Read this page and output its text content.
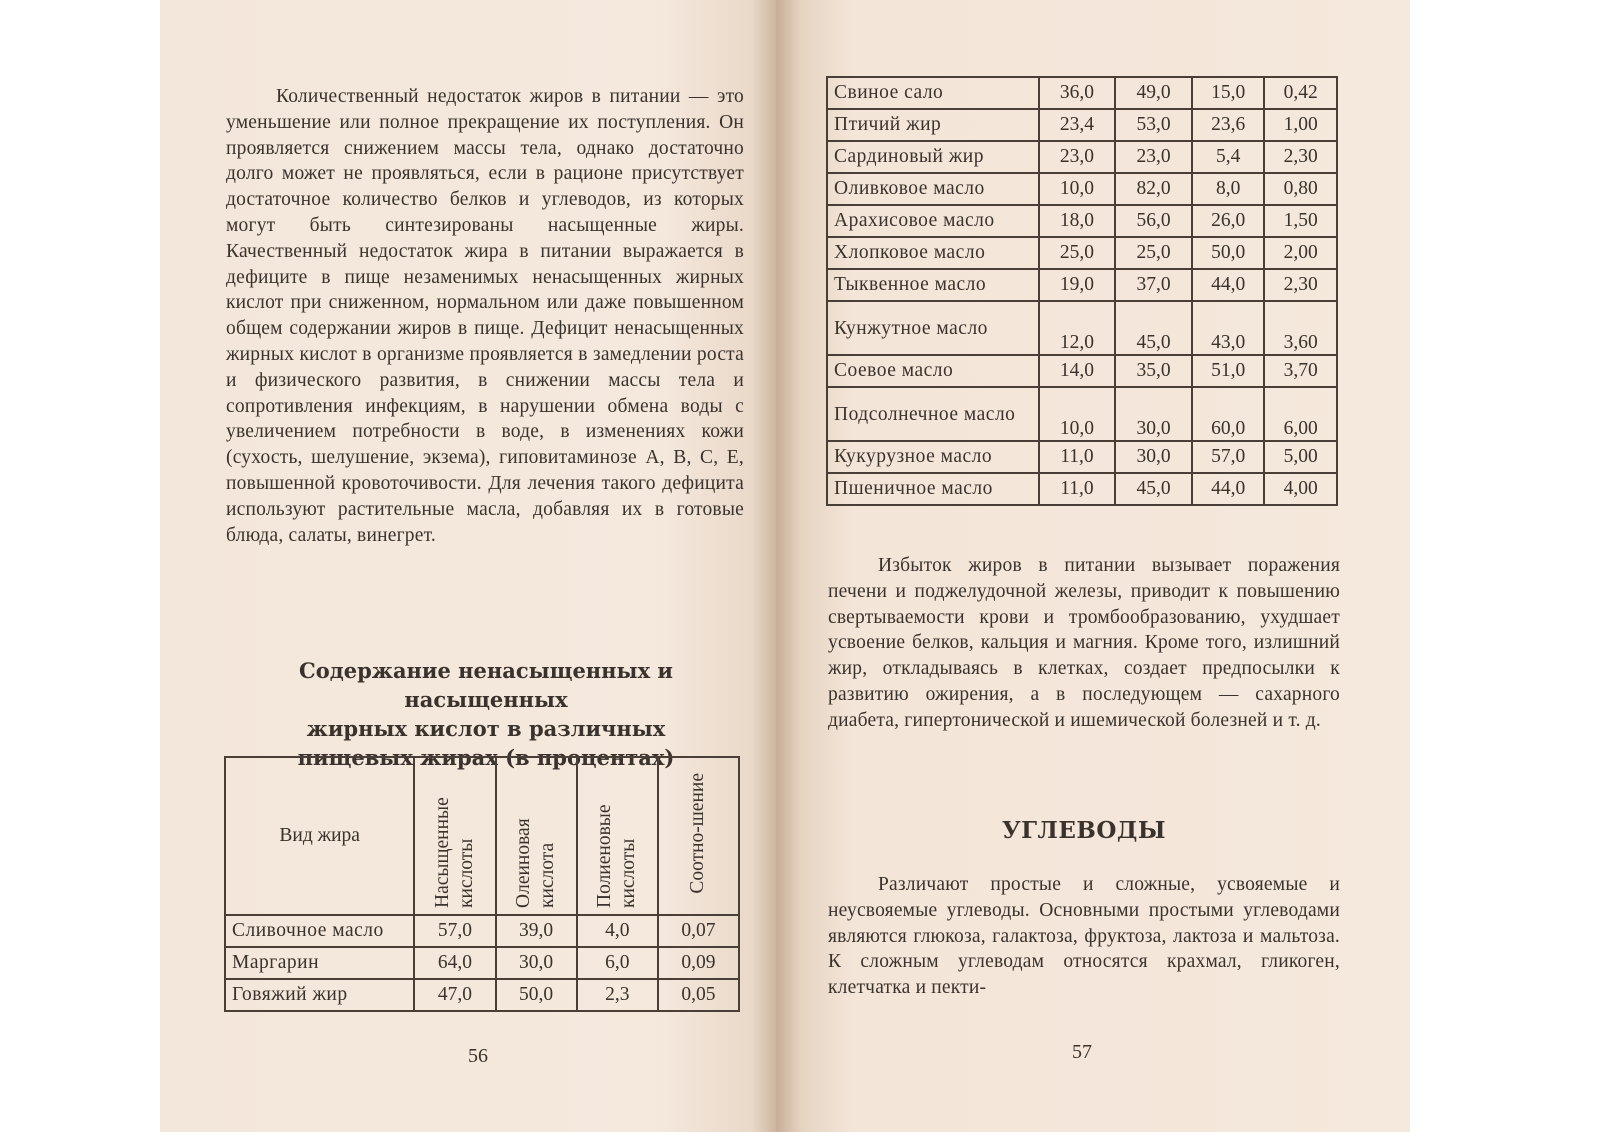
Количественный недостаток жиров в питании — это уменьшение или полное прекращение их поступления. Он проявляется снижением массы тела, однако достаточно долго может не проявляться, если в рационе присутствует достаточное количество белков и углеводов, из которых могут быть синтезированы насыщенные жиры. Качественный недостаток жира в питании выражается в дефиците в пище незаменимых ненасыщенных жирных кислот при сниженном, нормальном или даже повышенном общем содержании жиров в пище. Дефицит ненасыщенных жирных кислот в организме проявляется в замедлении роста и физического развития, в снижении массы тела и сопротивления инфекциям, в нарушении обмена воды с увеличением потребности в воде, в изменениях кожи (сухость, шелушение, экзема), гиповитаминозе А, В, С, Е, повышенной кровоточивости. Для лечения такого дефицита используют растительные масла, добавляя их в готовые блюда, салаты, винегрет.

Содержание ненасыщенных и насыщенных
жирных кислот в различных
пищевых жирах (в процентах)
Вид жира	Насыщенные кислоты	Олеиновая кислота	Полиеновые кислоты	Соотно-шение
Сливочное масло	57,0	39,0	4,0	0,07
Маргарин	64,0	30,0	6,0	0,09
Говяжий жир	47,0	50,0	2,3	0,05

56

Свиное сало	36,0	49,0	15,0	0,42
Птичий жир	23,4	53,0	23,6	1,00
Сардиновый жир	23,0	23,0	5,4	2,30
Оливковое масло	10,0	82,0	8,0	0,80
Арахисовое масло	18,0	56,0	26,0	1,50
Хлопковое масло	25,0	25,0	50,0	2,00
Тыквенное масло	19,0	37,0	44,0	2,30
Кунжутное масло	12,0	45,0	43,0	3,60
Соевое масло	14,0	35,0	51,0	3,70
Подсолнечное масло	10,0	30,0	60,0	6,00
Кукурузное масло	11,0	30,0	57,0	5,00
Пшеничное масло	11,0	45,0	44,0	4,00

Избыток жиров в питании вызывает поражения печени и поджелудочной железы, приводит к повышению свертываемости крови и тромбообразованию, ухудшает усвоение белков, кальция и магния. Кроме того, излишний жир, откладываясь в клетках, создает предпосылки к развитию ожирения, а в последующем — сахарного диабета, гипертонической и ишемической болезней и т. д.

УГЛЕВОДЫ

Различают простые и сложные, усвояемые и неусвояемые углеводы. Основными простыми углеводами являются глюкоза, галактоза, фруктоза, лактоза и мальтоза. К сложным углеводам относятся крахмал, гликоген, клетчатка и пекти-

57
